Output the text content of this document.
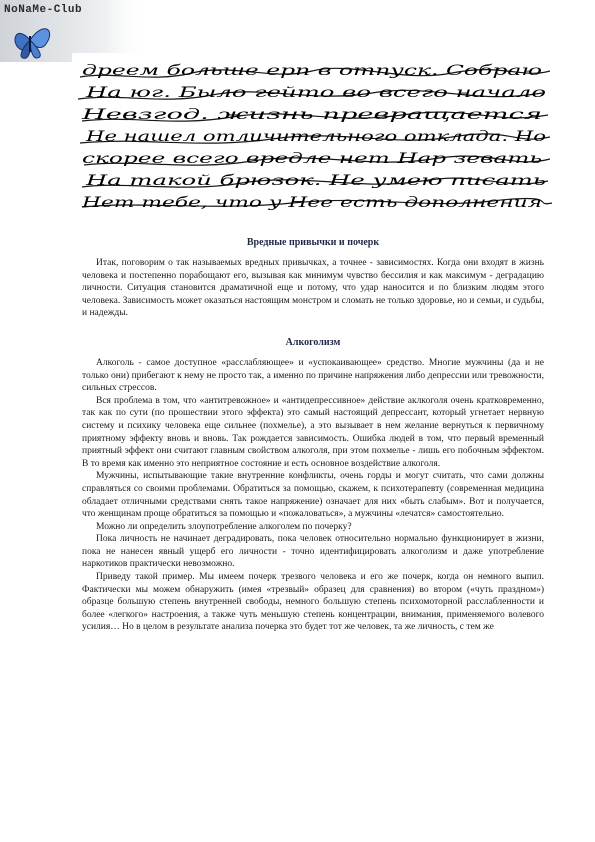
NoNaMe-Club
дреем больше ерп в отпуск. Собраю
На юг. Было гейто во всего начало
Невзгод. жизнь превращается
Не нашел отличительного отклада. Но
скорее всего вредле нет Нар зевать
На такой брюзок. Не умею писать
Нет тебе, что у Нее есть дополнения
Вредные привычки и почерк

Итак, поговорим о так называемых вредных привычках, а точнее - зависимостях. Когда они входят в жизнь человека и постепенно порабощают его, вызывая как минимум чувство бессилия и как максимум - деградацию личности. Ситуация становится драматичной еще и потому, что удар наносится и по близким людям этого человека. Зависимость может оказаться настоящим монстром и сломать не только здоровье, но и семьи, и судьбы, и надежды.

Алкоголизм

Алкоголь - самое доступное «расслабляющее» и «успокаивающее» средство. Многие мужчины (да и не только они) прибегают к нему не просто так, а именно по причине напряжения либо депрессии или тревожности, сильных стрессов.

Вся проблема в том, что «антитревожное» и «антидепрессивное» действие аклкоголя очень кратковременно, так как по сути (по прошествии этого эффекта) это самый настоящий депрессант, который угнетает нервную систему и психику человека еще сильнее (похмелье), а это вызывает в нем желание вернуться к первичному приятному эффекту вновь и вновь. Так рождается зависимость. Ошибка людей в том, что первый временный приятный эффект они считают главным свойством алкоголя, при этом похмелье - лишь его побочным эффектом. В то время как именно это неприятное состояние и есть основное воздействие алкоголя.

Мужчины, испытывающие такие внутренние конфликты, очень горды и могут считать, что сами должны справляться со своими проблемами. Обратиться за помощью, скажем, к психотерапевту (современная медицина обладает отличными средствами снять такое напряжение) означает для них «быть слабым». Вот и получается, что женщинам проще обратиться за помощью и «пожаловаться», а мужчины «лечатся» самостоятельно.

Можно ли определить злоупотребление алкоголем по почерку?

Пока личность не начинает деградировать, пока человек относительно нормально функционирует в жизни, пока не нанесен явный ущерб его личности - точно идентифицировать алкоголизм и даже употребление наркотиков практически невозможно.

Приведу такой пример. Мы имеем почерк трезвого человека и его же почерк, когда он немного выпил. Фактически мы можем обнаружить (имея «трезвый» образец для сравнения) во втором («чуть праздном») образце большую степень внутренней свободы, немного большую степень психомоторной расслабленности и более «легкого» настроения, а также чуть меньшую степень концентрации, внимания, применяемого волевого усилия… Но в целом в результате анализа почерка это будет тот же человек, та же личность, с тем же
